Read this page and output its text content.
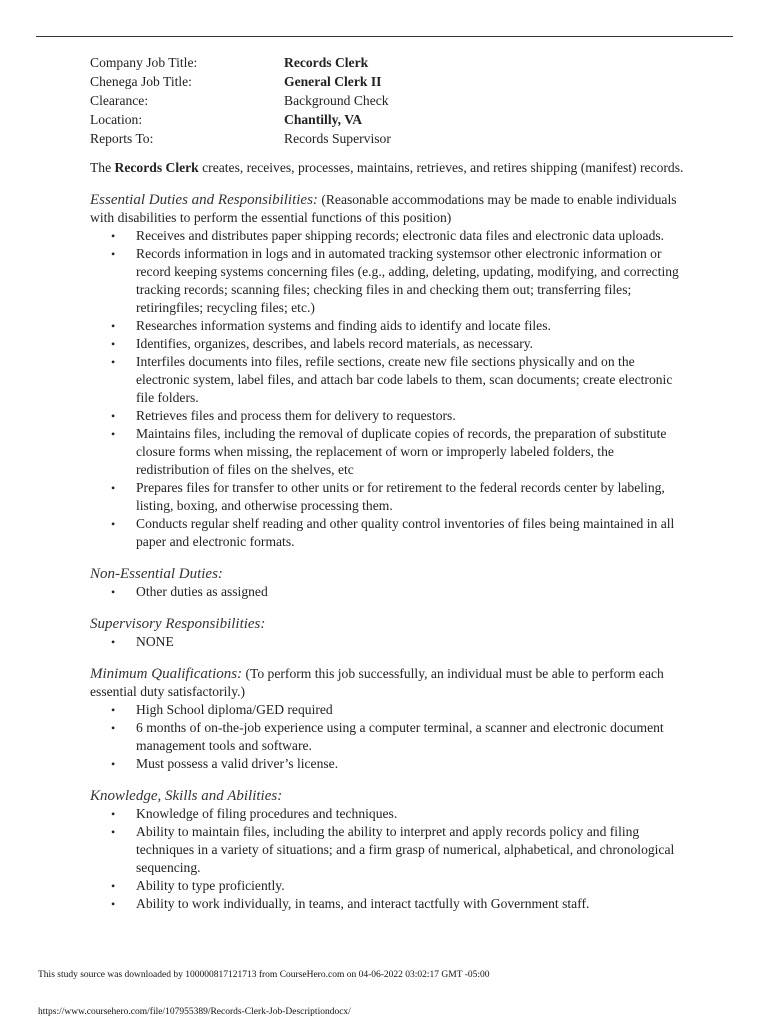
Company Job Title:	Records Clerk
Chenega Job Title:	General Clerk II
Clearance:	Background Check
Location:	Chantilly, VA
Reports To:	Records Supervisor
The Records Clerk creates, receives, processes, maintains, retrieves, and retires shipping (manifest) records.
Essential Duties and Responsibilities: (Reasonable accommodations may be made to enable individuals with disabilities to perform the essential functions of this position)
• Receives and distributes paper shipping records; electronic data files and electronic data uploads.
• Records information in logs and in automated tracking systemsor other electronic information or record keeping systems concerning files (e.g., adding, deleting, updating, modifying, and correcting tracking records; scanning files; checking files in and checking them out; transferring files; retiringfiles; recycling files; etc.)
• Researches information systems and finding aids to identify and locate files.
• Identifies, organizes, describes, and labels record materials, as necessary.
• Interfiles documents into files, refile sections, create new file sections physically and on the electronic system, label files, and attach bar code labels to them, scan documents; create electronic file folders.
• Retrieves files and process them for delivery to requestors.
• Maintains files, including the removal of duplicate copies of records, the preparation of substitute closure forms when missing, the replacement of worn or improperly labeled folders, the redistribution of files on the shelves, etc
• Prepares files for transfer to other units or for retirement to the federal records center by labeling, listing, boxing, and otherwise processing them.
• Conducts regular shelf reading and other quality control inventories of files being maintained in all paper and electronic formats.
Non-Essential Duties:
• Other duties as assigned
Supervisory Responsibilities:
• NONE
Minimum Qualifications: (To perform this job successfully, an individual must be able to perform each essential duty satisfactorily.)
• High School diploma/GED required
• 6 months of on-the-job experience using a computer terminal, a scanner and electronic document management tools and software.
• Must possess a valid driver’s license.
Knowledge, Skills and Abilities:
• Knowledge of filing procedures and techniques.
• Ability to maintain files, including the ability to interpret and apply records policy and filing techniques in a variety of situations; and a firm grasp of numerical, alphabetical, and chronological sequencing.
• Ability to type proficiently.
• Ability to work individually, in teams, and interact tactfully with Government staff.
This study source was downloaded by 100000817121713 from CourseHero.com on 04-06-2022 03:02:17 GMT -05:00
https://www.coursehero.com/file/107955389/Records-Clerk-Job-Descriptiondocx/
